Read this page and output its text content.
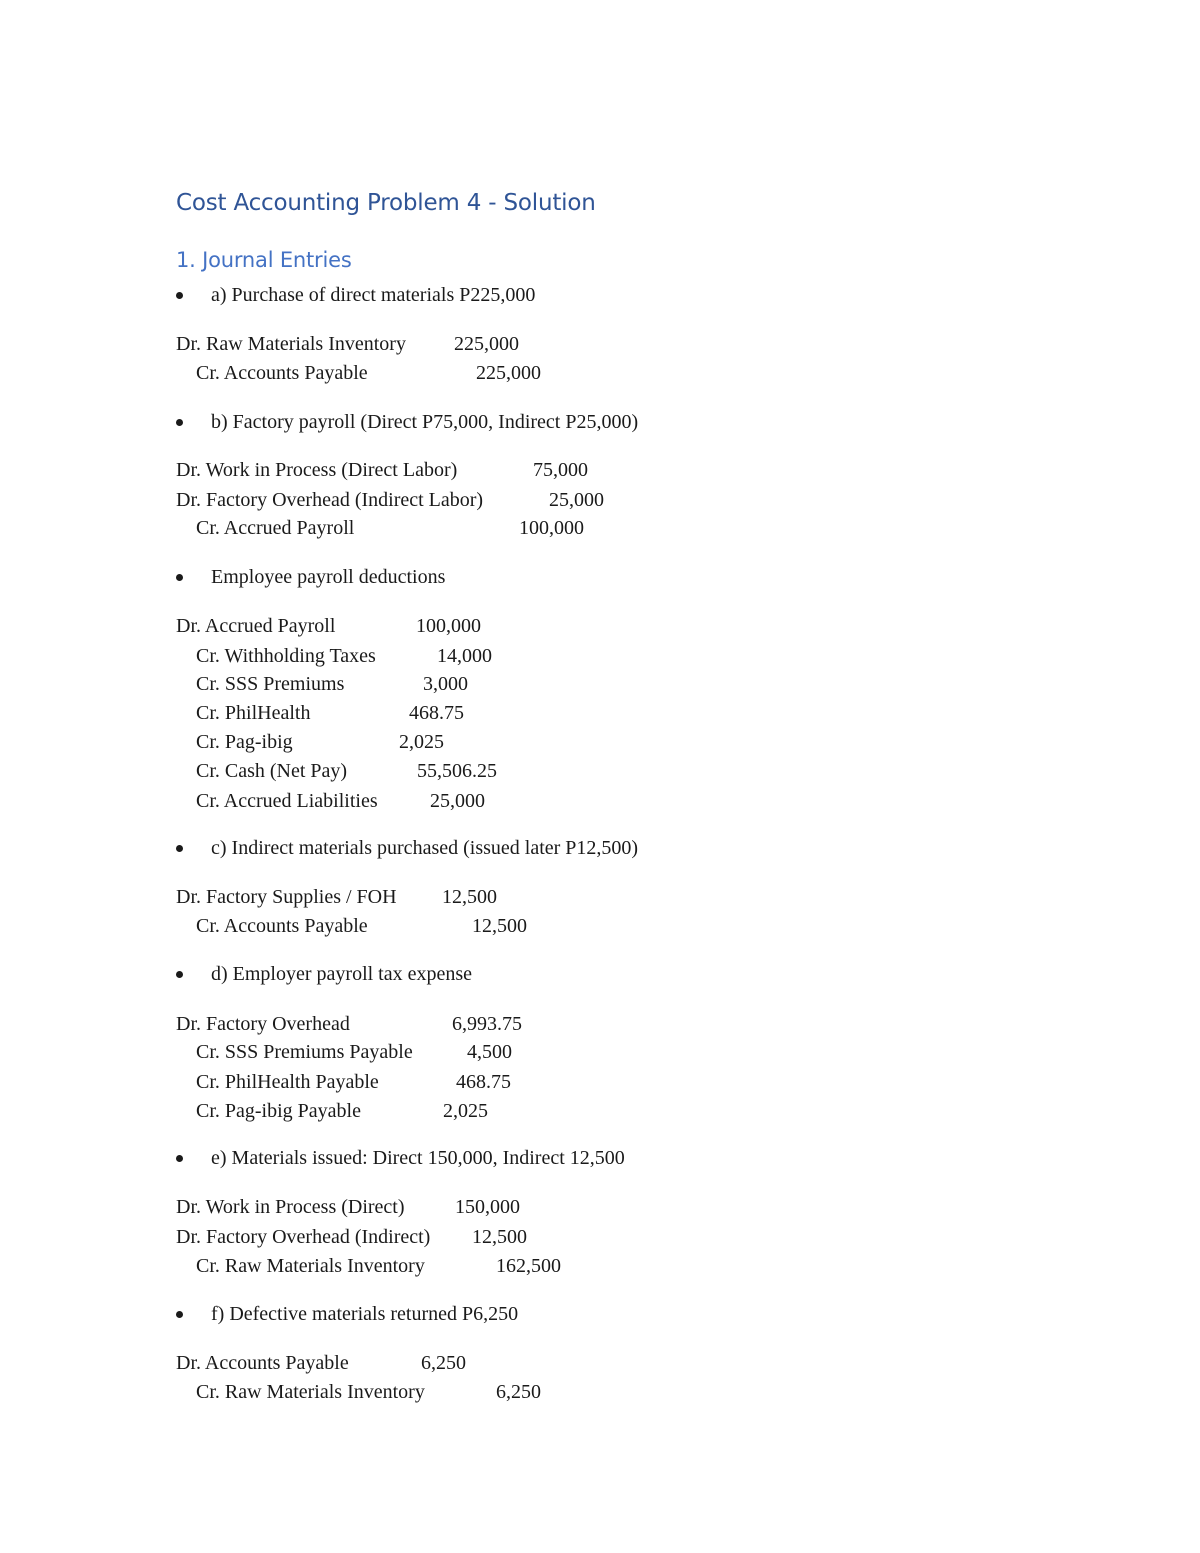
Cost Accounting Problem 4 - Solution
1. Journal Entries
a) Purchase of direct materials P225,000
Dr. Raw Materials Inventory 225,000
Cr. Accounts Payable	225,000
b) Factory payroll (Direct P75,000, Indirect P25,000)
Dr. Work in Process (Direct Labor)	75,000
Dr. Factory Overhead (Indirect Labor)	25,000
Cr. Accrued Payroll	100,000
Employee payroll deductions
Dr. Accrued Payroll	100,000
Cr. Withholding Taxes	14,000
Cr. SSS Premiums	3,000
Cr. PhilHealth	468.75
Cr. Pag-ibig	2,025
Cr. Cash (Net Pay)	55,506.25
Cr. Accrued Liabilities	25,000
c) Indirect materials purchased (issued later P12,500)
Dr. Factory Supplies / FOH 12,500
Cr. Accounts Payable	12,500
d) Employer payroll tax expense
Dr. Factory Overhead	6,993.75
Cr. SSS Premiums Payable	4,500
Cr. PhilHealth Payable	468.75
Cr. Pag-ibig Payable	2,025
e) Materials issued: Direct 150,000, Indirect 12,500
Dr. Work in Process (Direct)	150,000
Dr. Factory Overhead (Indirect) 12,500
Cr. Raw Materials Inventory	162,500
f) Defective materials returned P6,250
Dr. Accounts Payable	6,250
Cr. Raw Materials Inventory	6,250
